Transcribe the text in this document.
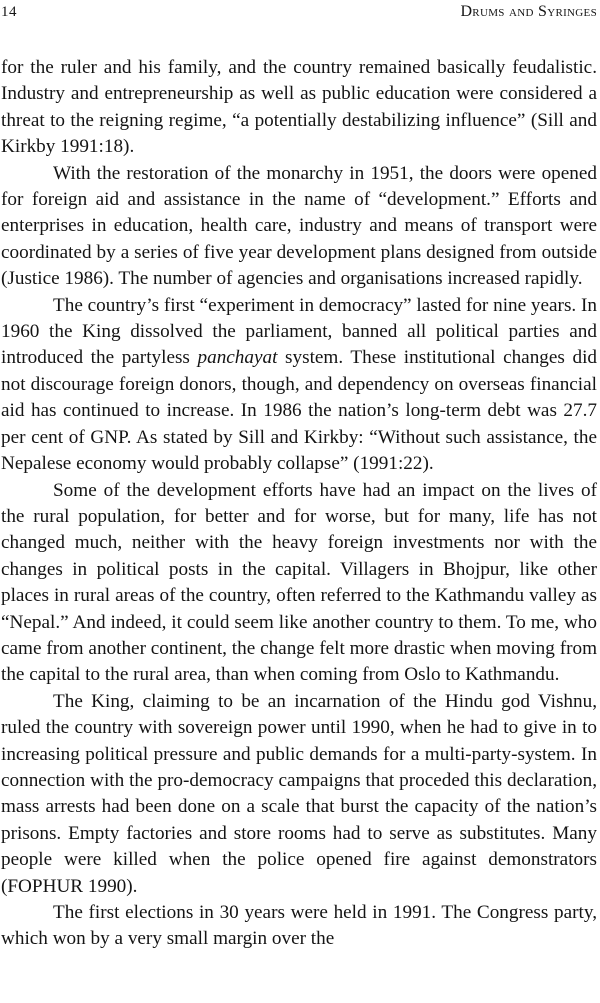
14	Drums and Syringes

for the ruler and his family, and the country remained basically feudalistic. Industry and entrepreneurship as well as public education were considered a threat to the reigning regime, “a potentially destabilizing influence” (Sill and Kirkby 1991:18).

With the restoration of the monarchy in 1951, the doors were opened for foreign aid and assistance in the name of “development.” Efforts and enterprises in education, health care, industry and means of transport were coordinated by a series of five year development plans designed from outside (Justice 1986). The number of agencies and organisations increased rapidly.

The country’s first “experiment in democracy” lasted for nine years. In 1960 the King dissolved the parliament, banned all political parties and introduced the partyless panchayat system. These institutional changes did not discourage foreign donors, though, and dependency on overseas financial aid has continued to increase. In 1986 the nation’s long-term debt was 27.7 per cent of GNP. As stated by Sill and Kirkby: “Without such assistance, the Nepalese economy would probably collapse” (1991:22).

Some of the development efforts have had an impact on the lives of the rural population, for better and for worse, but for many, life has not changed much, neither with the heavy foreign investments nor with the changes in political posts in the capital. Villagers in Bhojpur, like other places in rural areas of the country, often referred to the Kathmandu valley as “Nepal.” And indeed, it could seem like another country to them. To me, who came from another continent, the change felt more drastic when moving from the capital to the rural area, than when coming from Oslo to Kathmandu.

The King, claiming to be an incarnation of the Hindu god Vishnu, ruled the country with sovereign power until 1990, when he had to give in to increasing political pressure and public demands for a multi-party-system. In connection with the pro-democracy campaigns that proceded this declaration, mass arrests had been done on a scale that burst the capacity of the nation’s prisons. Empty factories and store rooms had to serve as substitutes. Many people were killed when the police opened fire against demonstrators (FOPHUR 1990).

The first elections in 30 years were held in 1991. The Congress party, which won by a very small margin over the
